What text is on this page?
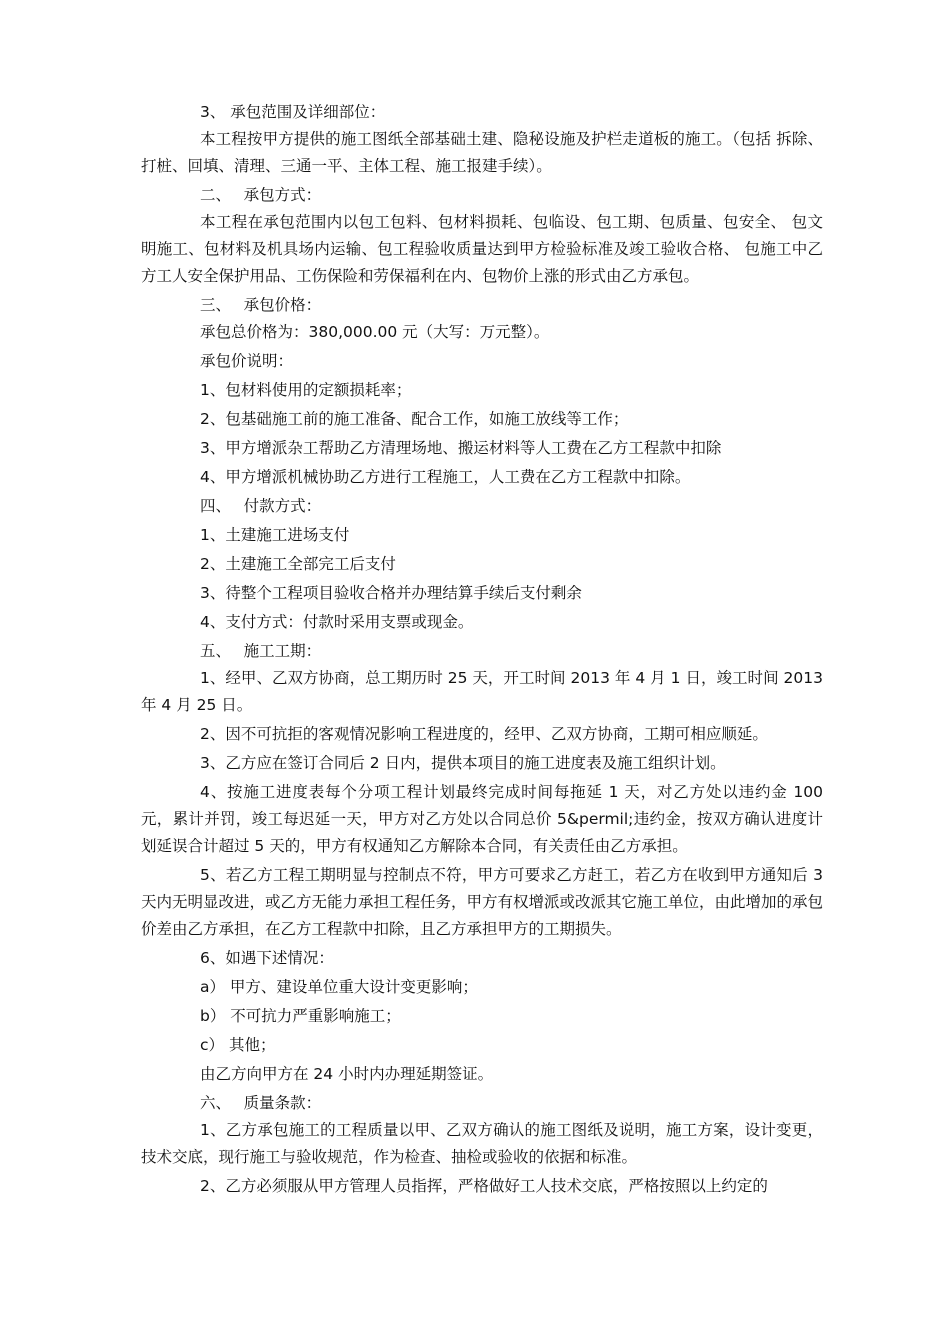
3、 承包范围及详细部位：

本工程按甲方提供的施工图纸全部基础土建、隐秘设施及护栏走道板的施工。（包括 拆除、打桩、回填、清理、三通一平、主体工程、施工报建手续）。

二、　 承包方式：

本工程在承包范围内以包工包料、包材料损耗、包临设、包工期、包质量、包安全、 包文明施工、包材料及机具场内运输、包工程验收质量达到甲方检验标准及竣工验收合格、 包施工中乙方工人安全保护用品、工伤保险和劳保福利在内、包物价上涨的形式由乙方承包。

三、　 承包价格：

承包总价格为：380,000.00 元（大写：万元整）。

承包价说明：

1、包材料使用的定额损耗率；

2、包基础施工前的施工准备、配合工作，如施工放线等工作；

3、甲方增派杂工帮助乙方清理场地、搬运材料等人工费在乙方工程款中扣除

4、甲方增派机械协助乙方进行工程施工，人工费在乙方工程款中扣除。

四、　 付款方式：

1、土建施工进场支付

2、土建施工全部完工后支付

3、待整个工程项目验收合格并办理结算手续后支付剩余

4、支付方式：付款时采用支票或现金。

五、　 施工工期：

1、经甲、乙双方协商，总工期历时 25 天，开工时间 2013 年 4 月 1 日，竣工时间 2013 年 4 月 25 日。

2、因不可抗拒的客观情况影响工程进度的，经甲、乙双方协商，工期可相应顺延。

3、乙方应在签订合同后 2 日内，提供本项目的施工进度表及施工组织计划。

4、按施工进度表每个分项工程计划最终完成时间每拖延 1 天，对乙方处以违约金 100 元，累计并罚，竣工每迟延一天，甲方对乙方处以合同总价 5&permil;违约金，按双方确认进度计划延误合计超过 5 天的，甲方有权通知乙方解除本合同，有关责任由乙方承担。

5、若乙方工程工期明显与控制点不符，甲方可要求乙方赶工，若乙方在收到甲方通知后 3 天内无明显改进，或乙方无能力承担工程任务，甲方有权增派或改派其它施工单位，由此增加的承包价差由乙方承担，在乙方工程款中扣除，且乙方承担甲方的工期损失。

6、如遇下述情况：

a） 甲方、建设单位重大设计变更影响；

b） 不可抗力严重影响施工；

c） 其他；

由乙方向甲方在 24 小时内办理延期签证。

六、　 质量条款：

1、乙方承包施工的工程质量以甲、乙双方确认的施工图纸及说明，施工方案，设计变更，技术交底，现行施工与验收规范，作为检查、抽检或验收的依据和标准。

2、乙方必须服从甲方管理人员指挥，严格做好工人技术交底，严格按照以上约定的
